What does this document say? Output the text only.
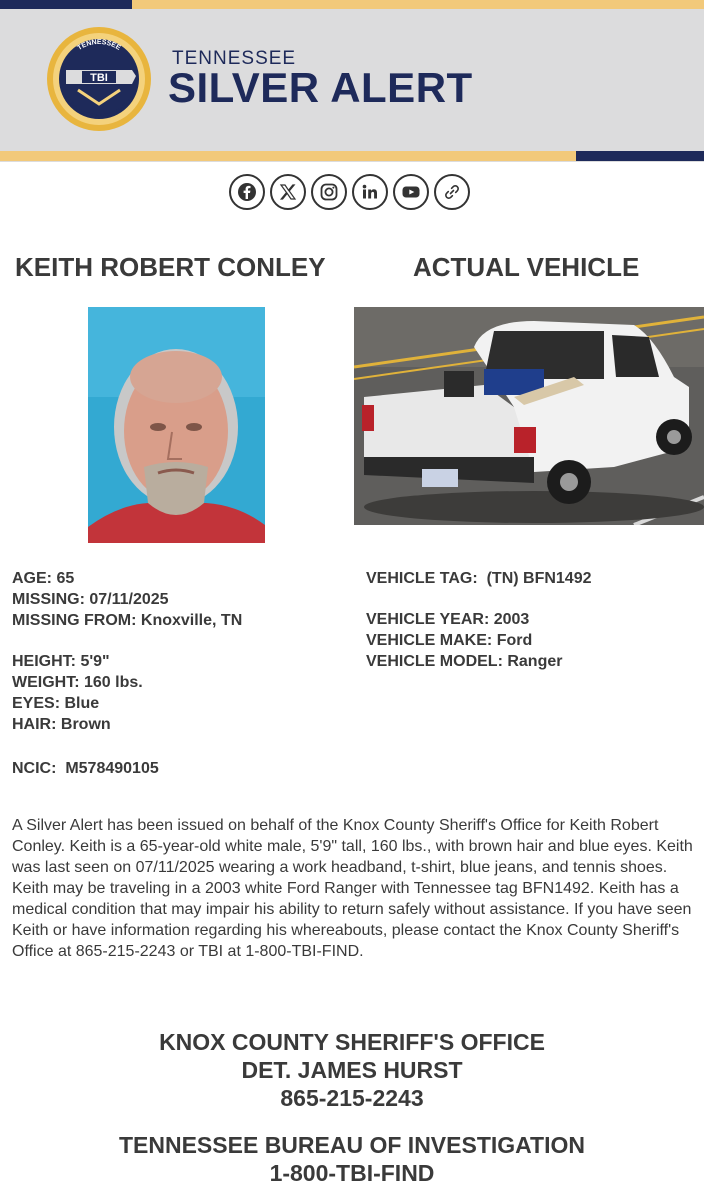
TENNESSEE
BUREAU OF INVESTIGATION
TBI
TENNESSEE
SILVER ALERT
KEITH ROBERT CONLEY	ACTUAL VEHICLE
AGE: 65
MISSING: 07/11/2025
MISSING FROM: Knoxville, TN
HEIGHT: 5'9"
WEIGHT: 160 lbs.
EYES: Blue
HAIR: Brown
NCIC: M578490105
VEHICLE TAG: (TN) BFN1492
VEHICLE YEAR: 2003
VEHICLE MAKE: Ford
VEHICLE MODEL: Ranger
A Silver Alert has been issued on behalf of the Knox County Sheriff's Office for Keith Robert Conley. Keith is a 65-year-old white male, 5'9" tall, 160 lbs., with brown hair and blue eyes. Keith was last seen on 07/11/2025 wearing a work headband, t-shirt, blue jeans, and tennis shoes. Keith may be traveling in a 2003 white Ford Ranger with Tennessee tag BFN1492. Keith has a medical condition that may impair his ability to return safely without assistance. If you have seen Keith or have information regarding his whereabouts, please contact the Knox County Sheriff's Office at 865-215-2243 or TBI at 1-800-TBI-FIND.
KNOX COUNTY SHERIFF'S OFFICE
DET. JAMES HURST
865-215-2243
TENNESSEE BUREAU OF INVESTIGATION
1-800-TBI-FIND
